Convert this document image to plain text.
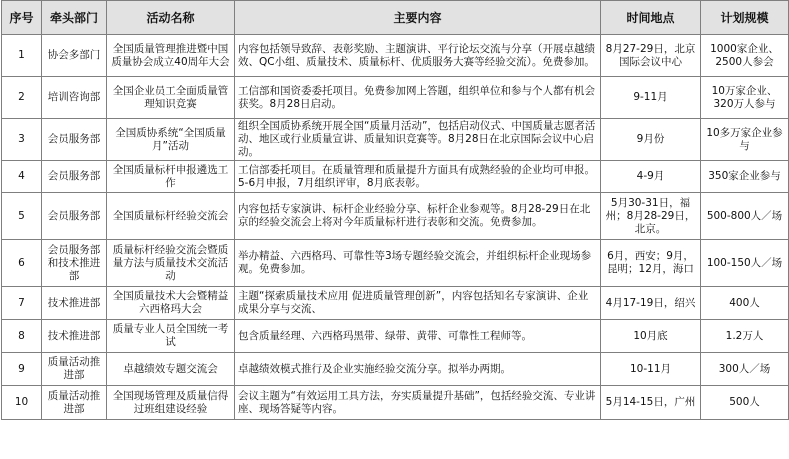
序号	牵头部门	活动名称	主要内容	时间地点	计划规模
1	协会多部门	全国质量管理推进暨中国质量协会成立40周年大会	内容包括领导致辞、表彰奖励、主题演讲、平行论坛交流与分享（开展卓越绩效、QC小组、质量技术、质量标杆、优质服务大赛等经验交流）。免费参加。	8月27-29日，北京国际会议中心	1000家企业、2500人参会
2	培训咨询部	全国企业员工全面质量管理知识竞赛	工信部和国资委委托项目。免费参加网上答题，组织单位和参与个人都有机会获奖。8月28日启动。	9-11月	10万家企业、320万人参与
3	会员服务部	全国质协系统“全国质量月”活动	组织全国质协系统开展全国“质量月活动”，包括启动仪式、中国质量志愿者活动、地区或行业质量宣讲、质量知识竞赛等。8月28日在北京国际会议中心启动。	9月份	10多万家企业参与
4	会员服务部	全国质量标杆申报遴选工作	工信部委托项目。在质量管理和质量提升方面具有成熟经验的企业均可申报。5-6月申报，7月组织评审，8月底表彰。	4-9月	350家企业参与
5	会员服务部	全国质量标杆经验交流会	内容包括专家演讲、标杆企业经验分享、标杆企业参观等。8月28-29日在北京的经验交流会上将对今年质量标杆进行表彰和交流。免费参加。	5月30-31日，福州；8月28-29日，北京。	500-800人／场
6	会员服务部和技术推进部	质量标杆经验交流会暨质量方法与质量技术交流活动	举办精益、六西格玛、可靠性等3场专题经验交流会，并组织标杆企业现场参观。免费参加。	6月，西安；9月，昆明；12月，海口	100-150人／场
7	技术推进部	全国质量技术大会暨精益六西格玛大会	主题“探索质量技术应用 促进质量管理创新”，内容包括知名专家演讲、企业成果分享与交流、	4月17-19日，绍兴	400人
8	技术推进部	质量专业人员全国统一考试	包含质量经理、六西格玛黑带、绿带、黄带、可靠性工程师等。	10月底	1.2万人
9	质量活动推进部	卓越绩效专题交流会	卓越绩效模式推行及企业实施经验交流分享。拟举办两期。	10-11月	300人／场
10	质量活动推进部	全国现场管理及质量信得过班组建设经验	会议主题为“有效运用工具方法，夯实质量提升基础”，包括经验交流、专业讲座、现场答疑等内容。	5月14-15日，广州	500人
